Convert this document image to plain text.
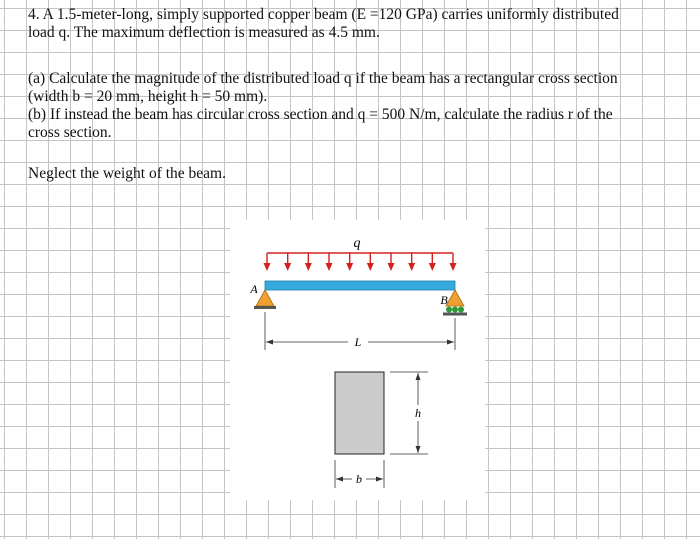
4. A 1.5-meter-long, simply supported copper beam (E =120 GPa) carries uniformly distributed
load q. The maximum deflection is measured as 4.5 mm.
(a) Calculate the magnitude of the distributed load q if the beam has a rectangular cross section
(width b = 20 mm, height h = 50 mm).
(b) If instead the beam has circular cross section and q = 500 N/m, calculate the radius r of the
cross section.
Neglect the weight of the beam.
q
A
B
L
h
b
